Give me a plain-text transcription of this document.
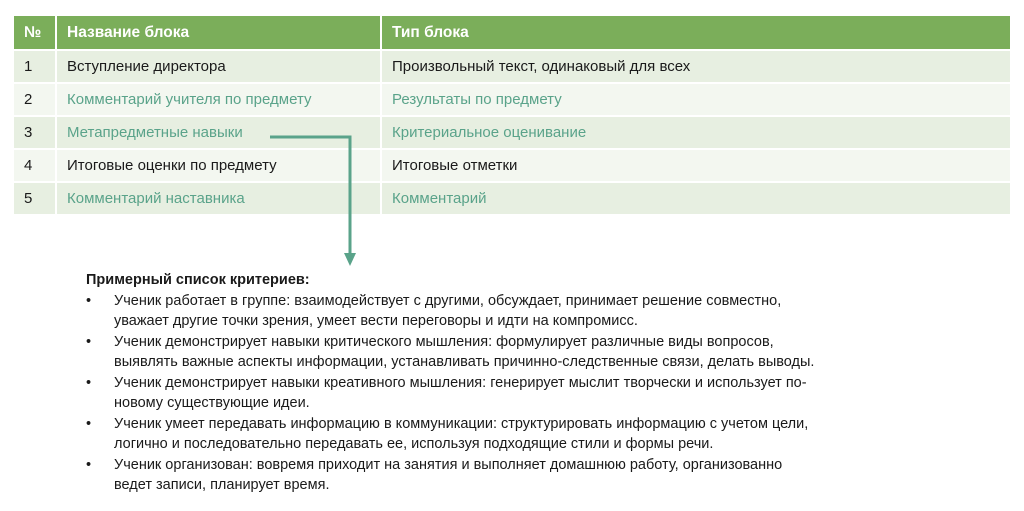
№	Название блока	Тип блока
1	Вступление директора	Произвольный текст, одинаковый для всех
2	Комментарий учителя по предмету	Результаты по предмету
3	Метапредметные навыки	Критериальное оценивание
4	Итоговые оценки по предмету	Итоговые отметки
5	Комментарий наставника	Комментарий
Примерный список критериев:
• Ученик работает в группе: взаимодействует с другими, обсуждает, принимает решение совместно,
уважает другие точки зрения, умеет вести переговоры и идти на компромисс.
• Ученик демонстрирует навыки критического мышления: формулирует различные виды вопросов,
выявлять важные аспекты информации, устанавливать причинно-следственные связи, делать выводы.
• Ученик демонстрирует навыки креативного мышления: генерирует мыслит творчески и использует по-
новому существующие идеи.
• Ученик умеет передавать информацию в коммуникации: структурировать информацию с учетом цели,
логично и последовательно передавать ее, используя подходящие стили и формы речи.
• Ученик организован: вовремя приходит на занятия и выполняет домашнюю работу, организованно
ведет записи, планирует время.
